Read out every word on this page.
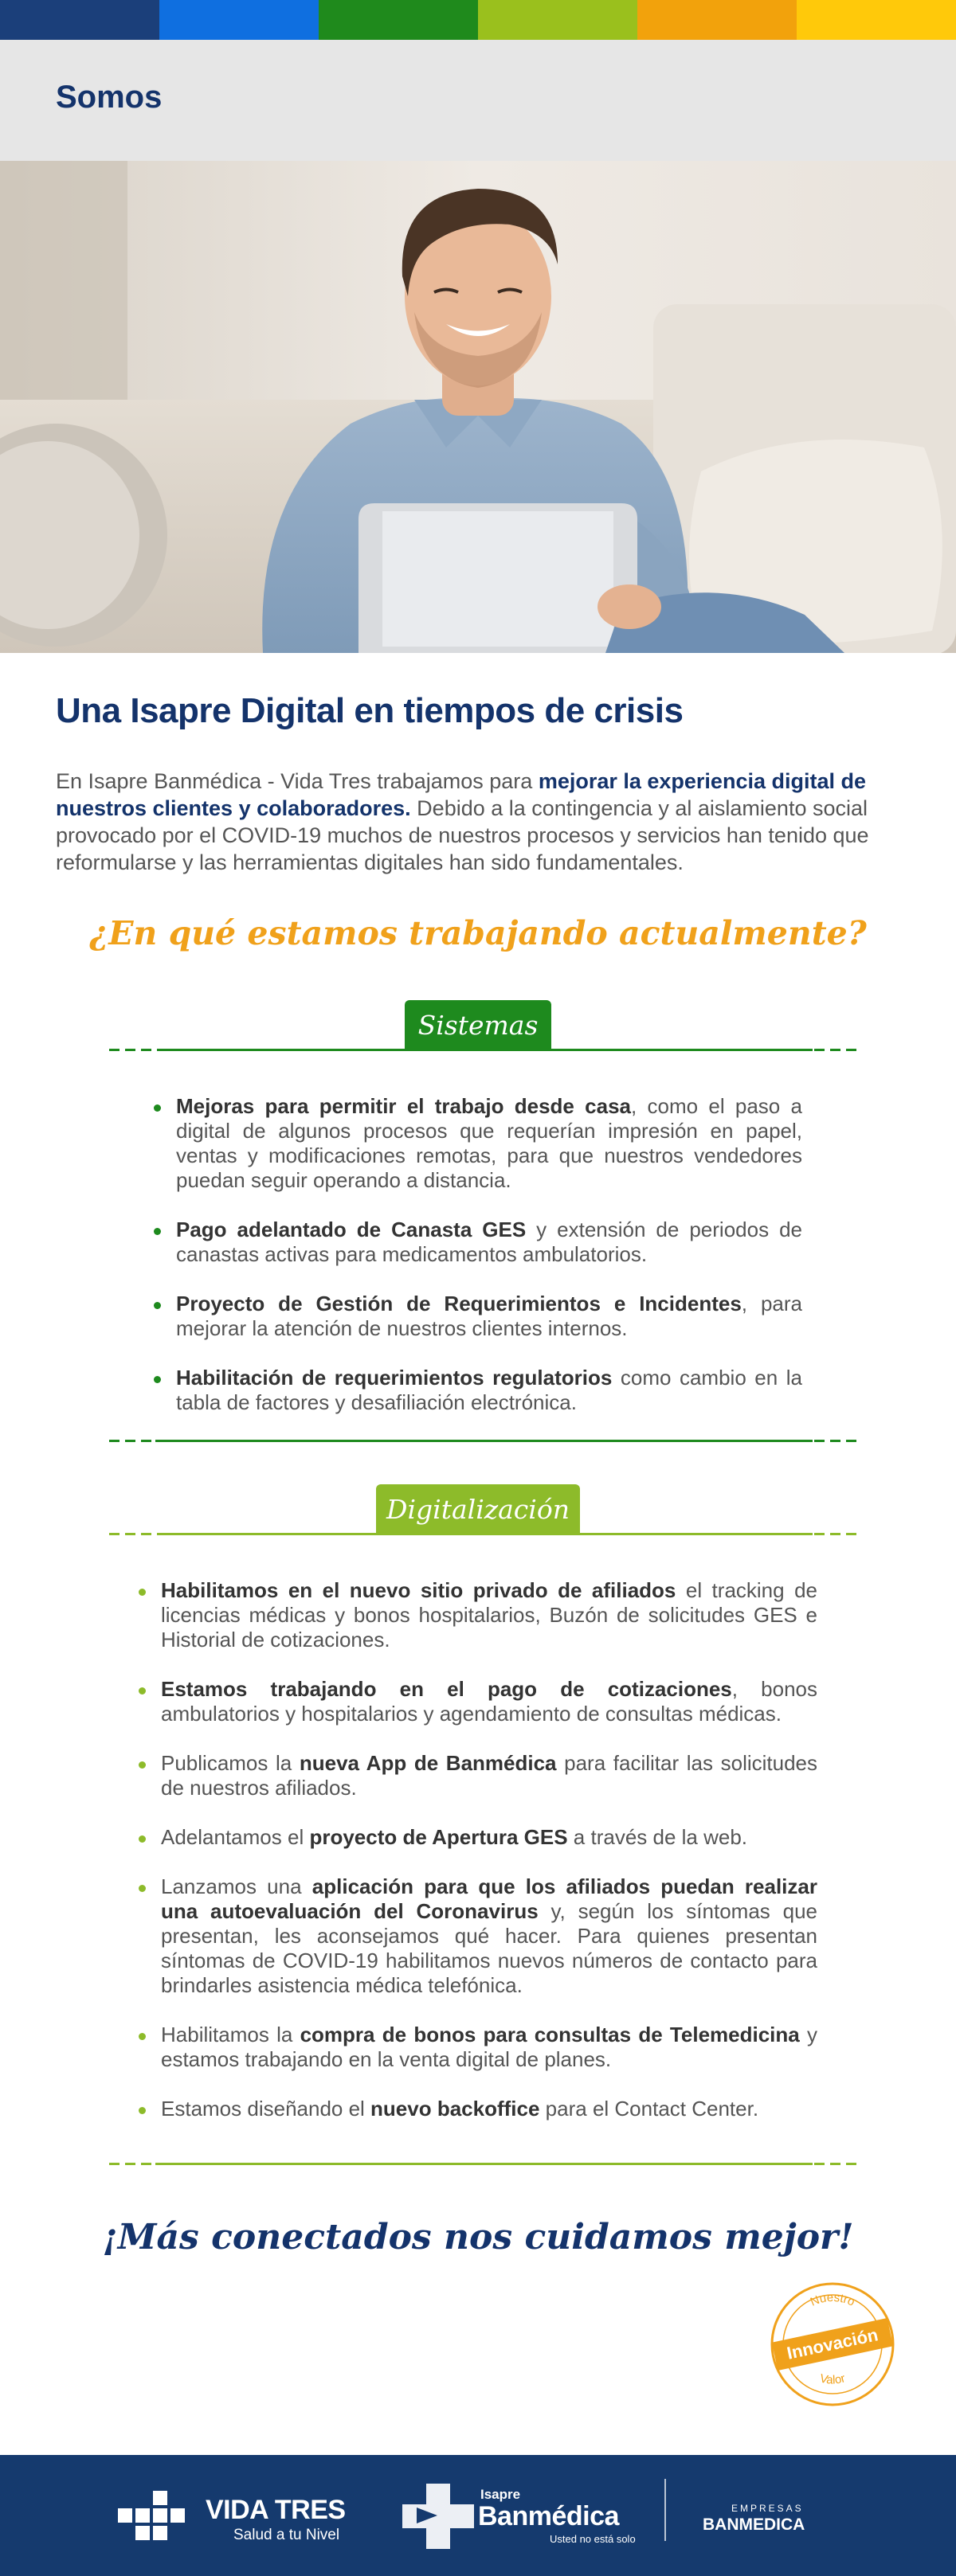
Somos
Una Isapre Digital en tiempos de crisis

En Isapre Banmédica - Vida Tres trabajamos para mejorar la experiencia digital de nuestros clientes y colaboradores. Debido a la contingencia y al aislamiento social provocado por el COVID-19 muchos de nuestros procesos y servicios han tenido que reformularse y las herramientas digitales han sido fundamentales.

¿En qué estamos trabajando actualmente?
Sistemas
Mejoras para permitir el trabajo desde casa, como el paso a digital de algunos procesos que requerían impresión en papel, ventas y modificaciones remotas, para que nuestros vendedores puedan seguir operando a distancia.
Pago adelantado de Canasta GES y extensión de periodos de canastas activas para medicamentos ambulatorios.
Proyecto de Gestión de Requerimientos e Incidentes, para mejorar la atención de nuestros clientes internos.
Habilitación de requerimientos regulatorios como cambio en la tabla de factores y desafiliación electrónica.
Digitalización
Habilitamos en el nuevo sitio privado de afiliados el tracking de licencias médicas y bonos hospitalarios, Buzón de solicitudes GES e Historial de cotizaciones.
Estamos trabajando en el pago de cotizaciones, bonos ambulatorios y hospitalarios y agendamiento de consultas médicas.
Publicamos la nueva App de Banmédica para facilitar las solicitudes de nuestros afiliados.
Adelantamos el proyecto de Apertura GES a través de la web.
Lanzamos una aplicación para que los afiliados puedan realizar una autoevaluación del Coronavirus y, según los síntomas que presentan, les aconsejamos qué hacer. Para quienes presentan síntomas de COVID-19 habilitamos nuevos números de contacto para brindarles asistencia médica telefónica.
Habilitamos la compra de bonos para consultas de Telemedicina y estamos trabajando en la venta digital de planes.
Estamos diseñando el nuevo backoffice para el Contact Center.
¡Más conectados nos cuidamos mejor!
Nuestro
Valor
Innovación
VIDA TRES
Salud a tu Nivel
Isapre
Banmédica
Usted no está solo
EMPRESAS
BANMEDICA
